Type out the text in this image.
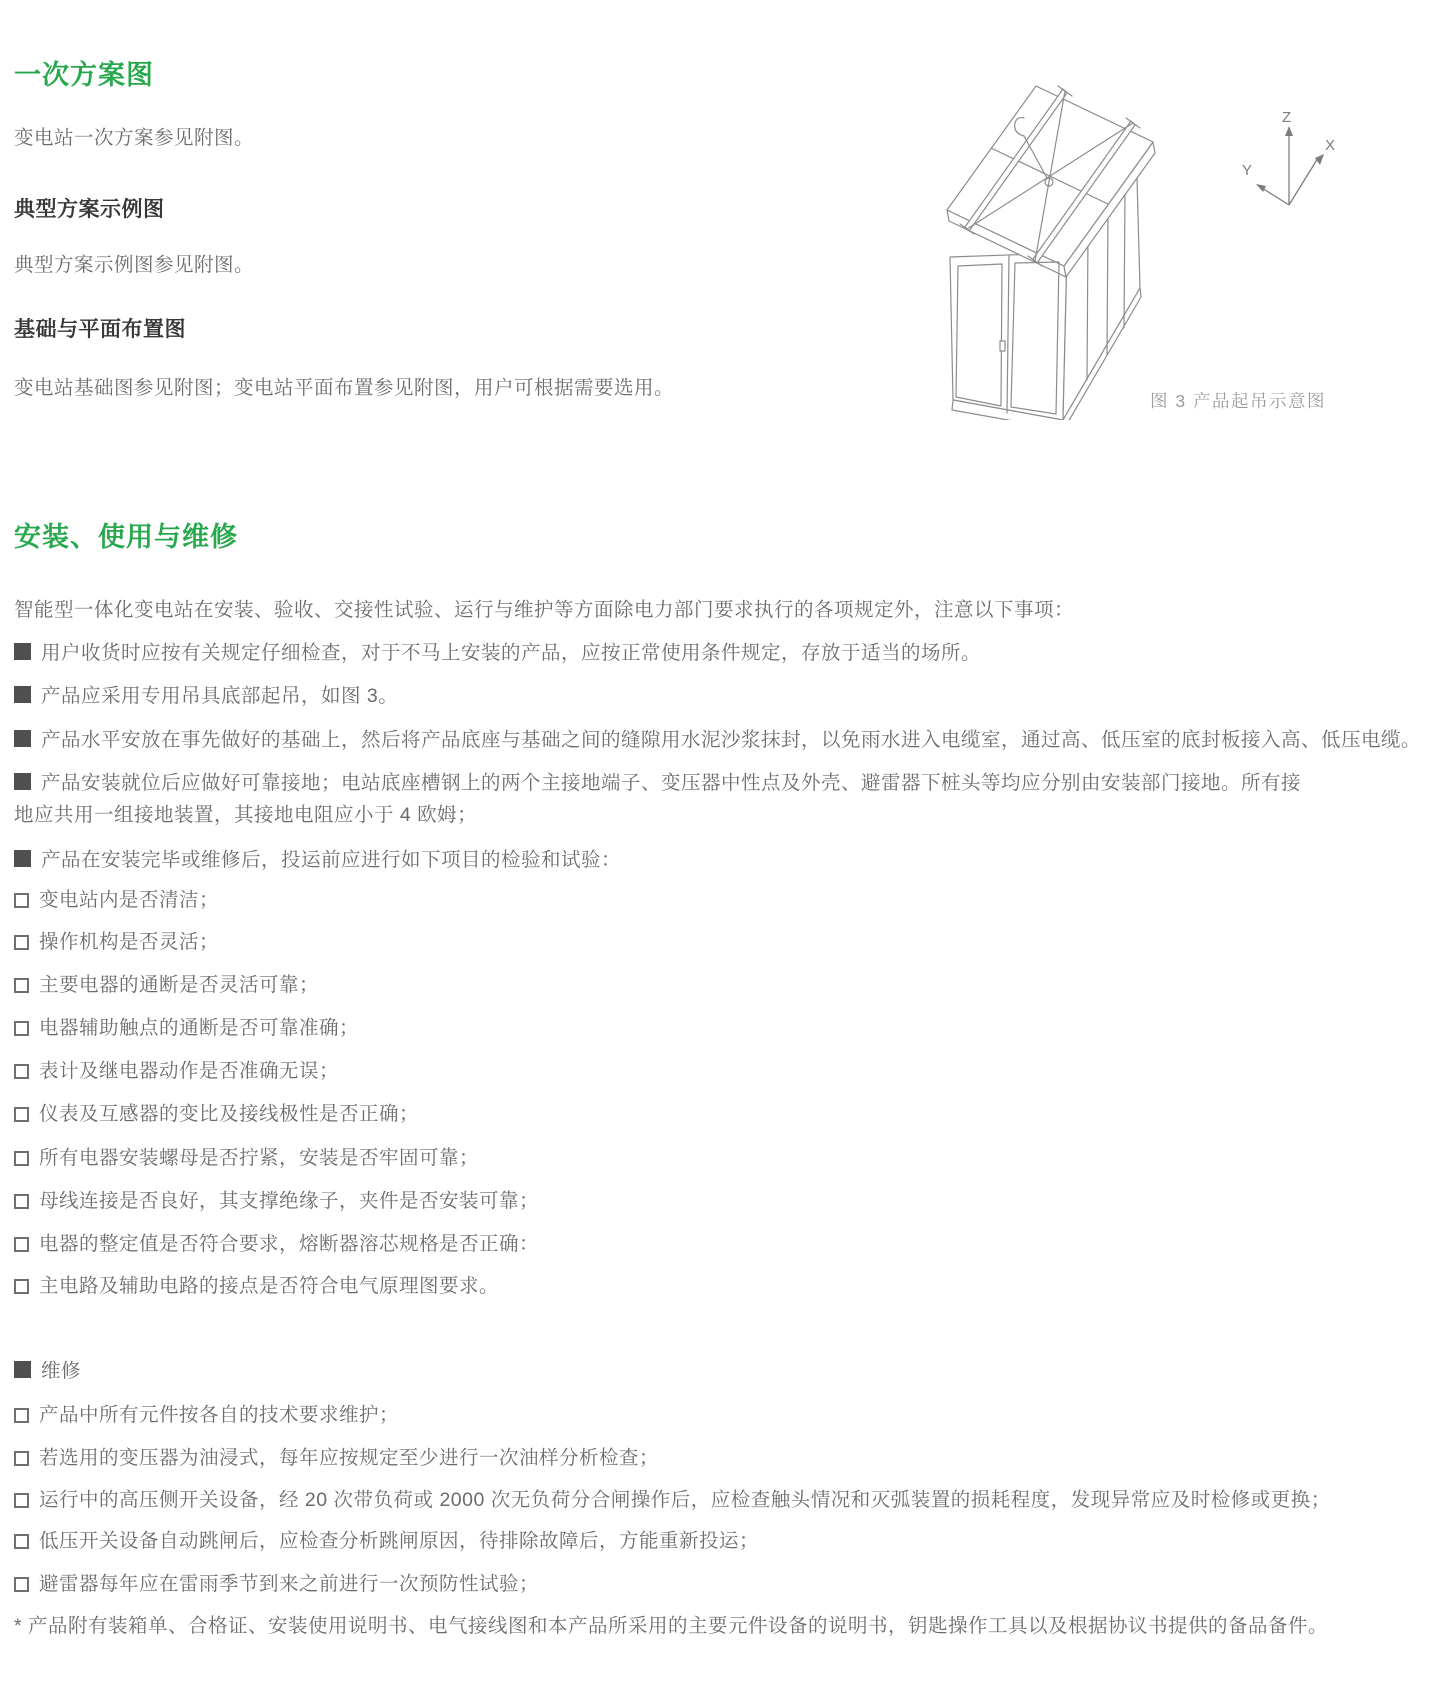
一次方案图
变电站一次方案参见附图。
典型方案示例图
典型方案示例图参见附图。
基础与平面布置图
变电站基础图参见附图；变电站平面布置参见附图，用户可根据需要选用。
Z
X
Y
图 3 产品起吊示意图
安装、使用与维修
智能型一体化变电站在安装、验收、交接性试验、运行与维护等方面除电力部门要求执行的各项规定外，注意以下事项：
用户收货时应按有关规定仔细检查，对于不马上安装的产品，应按正常使用条件规定，存放于适当的场所。
产品应采用专用吊具底部起吊，如图 3。
产品水平安放在事先做好的基础上，然后将产品底座与基础之间的缝隙用水泥沙浆抹封，以免雨水进入电缆室，通过高、低压室的底封板接入高、低压电缆。
产品安装就位后应做好可靠接地；电站底座槽钢上的两个主接地端子、变压器中性点及外壳、避雷器下桩头等均应分别由安装部门接地。所有接地应共用一组接地装置，其接地电阻应小于 4 欧姆；
产品在安装完毕或维修后，投运前应进行如下项目的检验和试验：
变电站内是否清洁；
操作机构是否灵活；
主要电器的通断是否灵活可靠；
电器辅助触点的通断是否可靠准确；
表计及继电器动作是否准确无误；
仪表及互感器的变比及接线极性是否正确；
所有电器安装螺母是否拧紧，安装是否牢固可靠；
母线连接是否良好，其支撑绝缘子，夹件是否安装可靠；
电器的整定值是否符合要求，熔断器溶芯规格是否正确：
主电路及辅助电路的接点是否符合电气原理图要求。
维修
产品中所有元件按各自的技术要求维护；
若选用的变压器为油浸式，每年应按规定至少进行一次油样分析检查；
运行中的高压侧开关设备，经 20 次带负荷或 2000 次无负荷分合闸操作后，应检查触头情况和灭弧装置的损耗程度，发现异常应及时检修或更换；
低压开关设备自动跳闸后，应检查分析跳闸原因，待排除故障后，方能重新投运；
避雷器每年应在雷雨季节到来之前进行一次预防性试验；
* 产品附有装箱单、合格证、安装使用说明书、电气接线图和本产品所采用的主要元件设备的说明书，钥匙操作工具以及根据协议书提供的备品备件。
